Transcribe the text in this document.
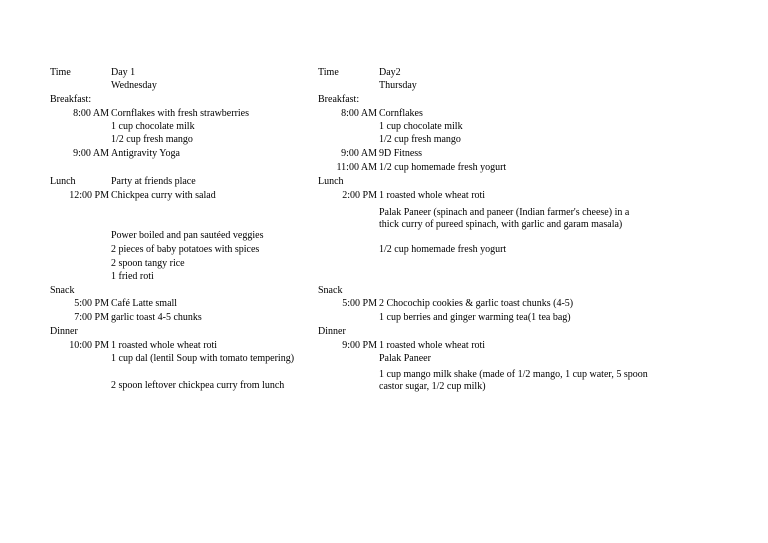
Time	Day 1
Wednesday
Breakfast:
8:00 AM Cornflakes with fresh strawberries
1 cup chocolate milk
1/2 cup fresh mango
9:00 AM Antigravity Yoga
Lunch	Party at friends place
12:00 PM Chickpea curry with salad
Power boiled and pan sautéed veggies
2 pieces of baby potatoes with spices
2 spoon tangy rice
1 fried roti
Snack
5:00 PM Café Latte small
7:00 PM garlic toast 4-5 chunks
Dinner
10:00 PM 1 roasted whole wheat roti
1 cup dal (lentil Soup with tomato tempering)
2 spoon leftover chickpea curry from lunch
Time	Day2
Thursday
Breakfast:
8:00 AM Cornflakes
1 cup chocolate milk
1/2 cup fresh mango
9:00 AM 9D Fitness
11:00 AM 1/2 cup homemade fresh yogurt
Lunch
2:00 PM 1 roasted whole wheat roti
Palak Paneer (spinach and paneer (Indian farmer's cheese) in a thick curry of pureed spinach, with garlic and garam masala)
1/2 cup homemade fresh yogurt
Snack
5:00 PM 2 Chocochip cookies & garlic toast chunks (4-5)
1 cup berries and ginger warming tea(1 tea bag)
Dinner
9:00 PM 1 roasted whole wheat roti
Palak Paneer
1 cup mango milk shake (made of 1/2 mango, 1 cup water, 5 spoon castor sugar, 1/2 cup milk)
